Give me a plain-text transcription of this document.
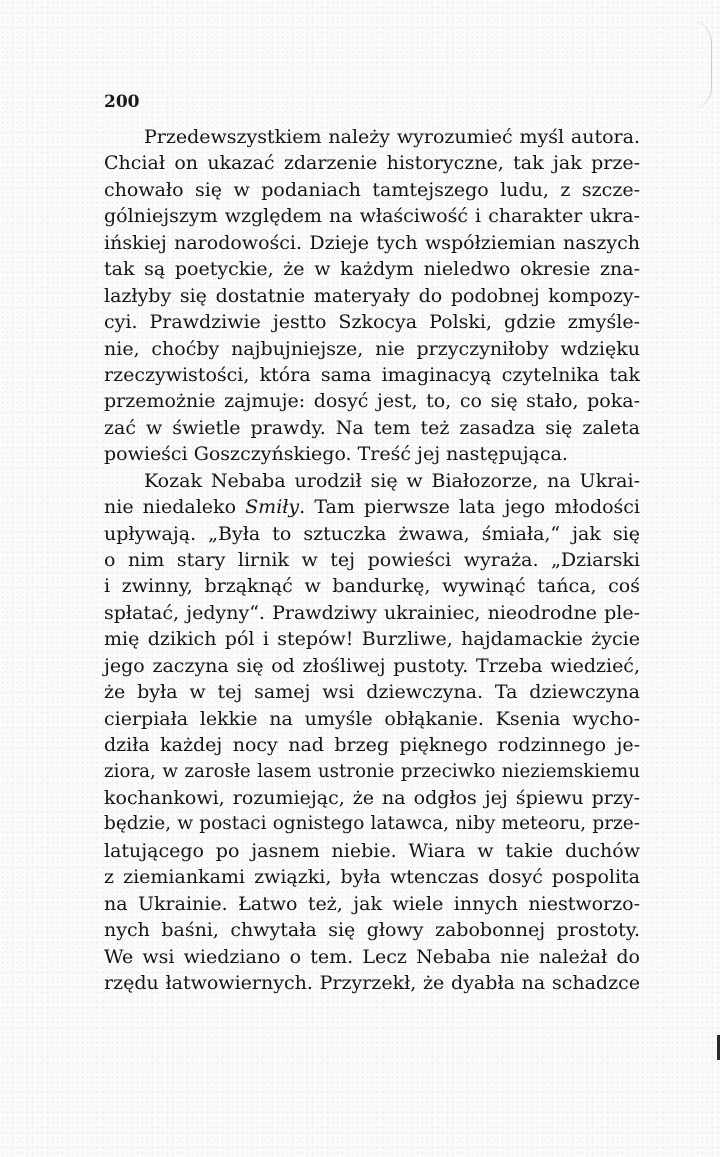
200
Przedewszystkiem należy wyrozumieć myśl autora.
Chciał on ukazać zdarzenie historyczne, tak jak prze-
chowało się w podaniach tamtejszego ludu, z szcze-
gólniejszym względem na właściwość i charakter ukra-
ińskiej narodowości. Dzieje tych współziemian naszych
tak są poetyckie, że w każdym nieledwo okresie zna-
lazłyby się dostatnie materyały do podobnej kompozy-
cyi. Prawdziwie jestto Szkocya Polski, gdzie zmyśle-
nie, choćby najbujniejsze, nie przyczyniłoby wdzięku
rzeczywistości, która sama imaginacyą czytelnika tak
przemożnie zajmuje: dosyć jest, to, co się stało, poka-
zać w świetle prawdy. Na tem też zasadza się zaleta
powieści Goszczyńskiego. Treść jej następująca.
Kozak Nebaba urodził się w Białozorze, na Ukrai-
nie niedaleko Smiły. Tam pierwsze lata jego młodości
upływają. „Była to sztuczka żwawa, śmiała,“ jak się
o nim stary lirnik w tej powieści wyraża. „Dziarski
i zwinny, brząknąć w bandurkę, wywinąć tańca, coś
spłatać, jedyny“. Prawdziwy ukrainiec, nieodrodne ple-
mię dzikich pól i stepów! Burzliwe, hajdamackie życie
jego zaczyna się od złośliwej pustoty. Trzeba wiedzieć,
że była w tej samej wsi dziewczyna. Ta dziewczyna
cierpiała lekkie na umyśle obłąkanie. Ksenia wycho-
dziła każdej nocy nad brzeg pięknego rodzinnego je-
ziora, w zarosłe lasem ustronie przeciwko nieziemskiemu
kochankowi, rozumiejąc, że na odgłos jej śpiewu przy-
będzie, w postaci ognistego latawca, niby meteoru, prze-
latującego po jasnem niebie. Wiara w takie duchów
z ziemiankami związki, była wtenczas dosyć pospolita
na Ukrainie. Łatwo też, jak wiele innych niestworzo-
nych baśni, chwytała się głowy zabobonnej prostoty.
We wsi wiedziano o tem. Lecz Nebaba nie należał do
rzędu łatwowiernych. Przyrzekł, że dyabła na schadzce
